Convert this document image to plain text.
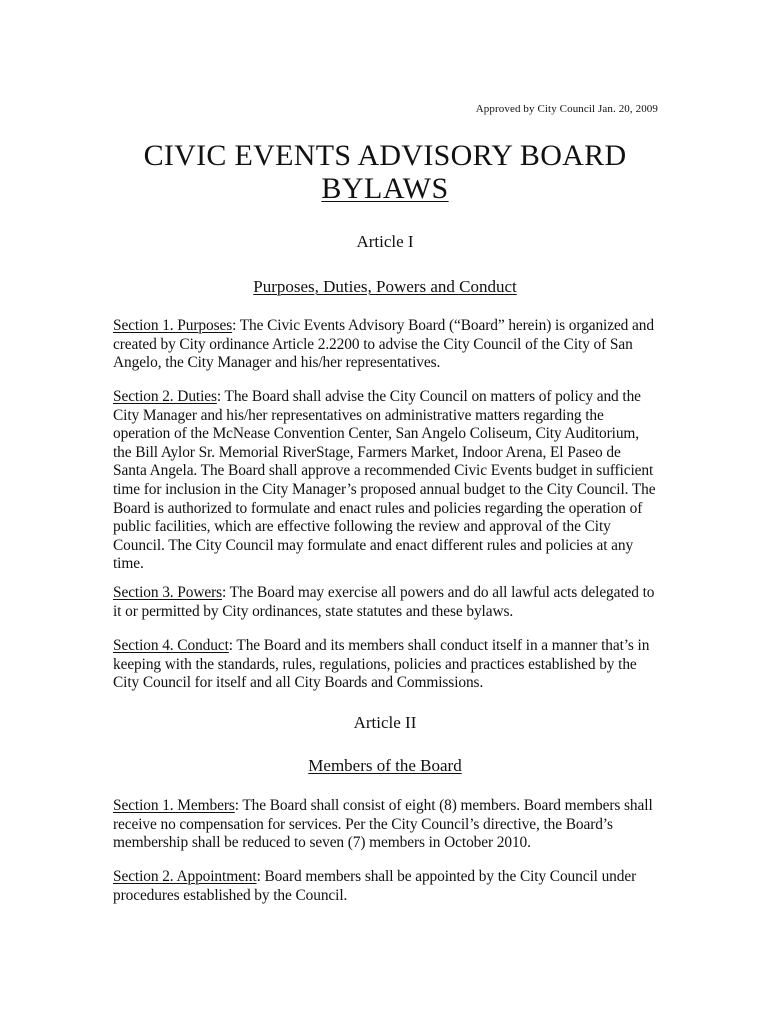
Approved by City Council Jan. 20, 2009
CIVIC EVENTS ADVISORY BOARD
BYLAWS
Article I
Purposes, Duties, Powers and Conduct
Section 1. Purposes: The Civic Events Advisory Board (“Board” herein) is organized and created by City ordinance Article 2.2200 to advise the City Council of the City of San Angelo, the City Manager and his/her representatives.
Section 2. Duties: The Board shall advise the City Council on matters of policy and the City Manager and his/her representatives on administrative matters regarding the operation of the McNease Convention Center, San Angelo Coliseum, City Auditorium, the Bill Aylor Sr. Memorial RiverStage, Farmers Market, Indoor Arena, El Paseo de Santa Angela. The Board shall approve a recommended Civic Events budget in sufficient time for inclusion in the City Manager’s proposed annual budget to the City Council. The Board is authorized to formulate and enact rules and policies regarding the operation of public facilities, which are effective following the review and approval of the City Council. The City Council may formulate and enact different rules and policies at any time.
Section 3. Powers: The Board may exercise all powers and do all lawful acts delegated to it or permitted by City ordinances, state statutes and these bylaws.
Section 4. Conduct: The Board and its members shall conduct itself in a manner that’s in keeping with the standards, rules, regulations, policies and practices established by the City Council for itself and all City Boards and Commissions.
Article II
Members of the Board
Section 1. Members: The Board shall consist of eight (8) members. Board members shall receive no compensation for services. Per the City Council’s directive, the Board’s membership shall be reduced to seven (7) members in October 2010.
Section 2. Appointment: Board members shall be appointed by the City Council under procedures established by the Council.
